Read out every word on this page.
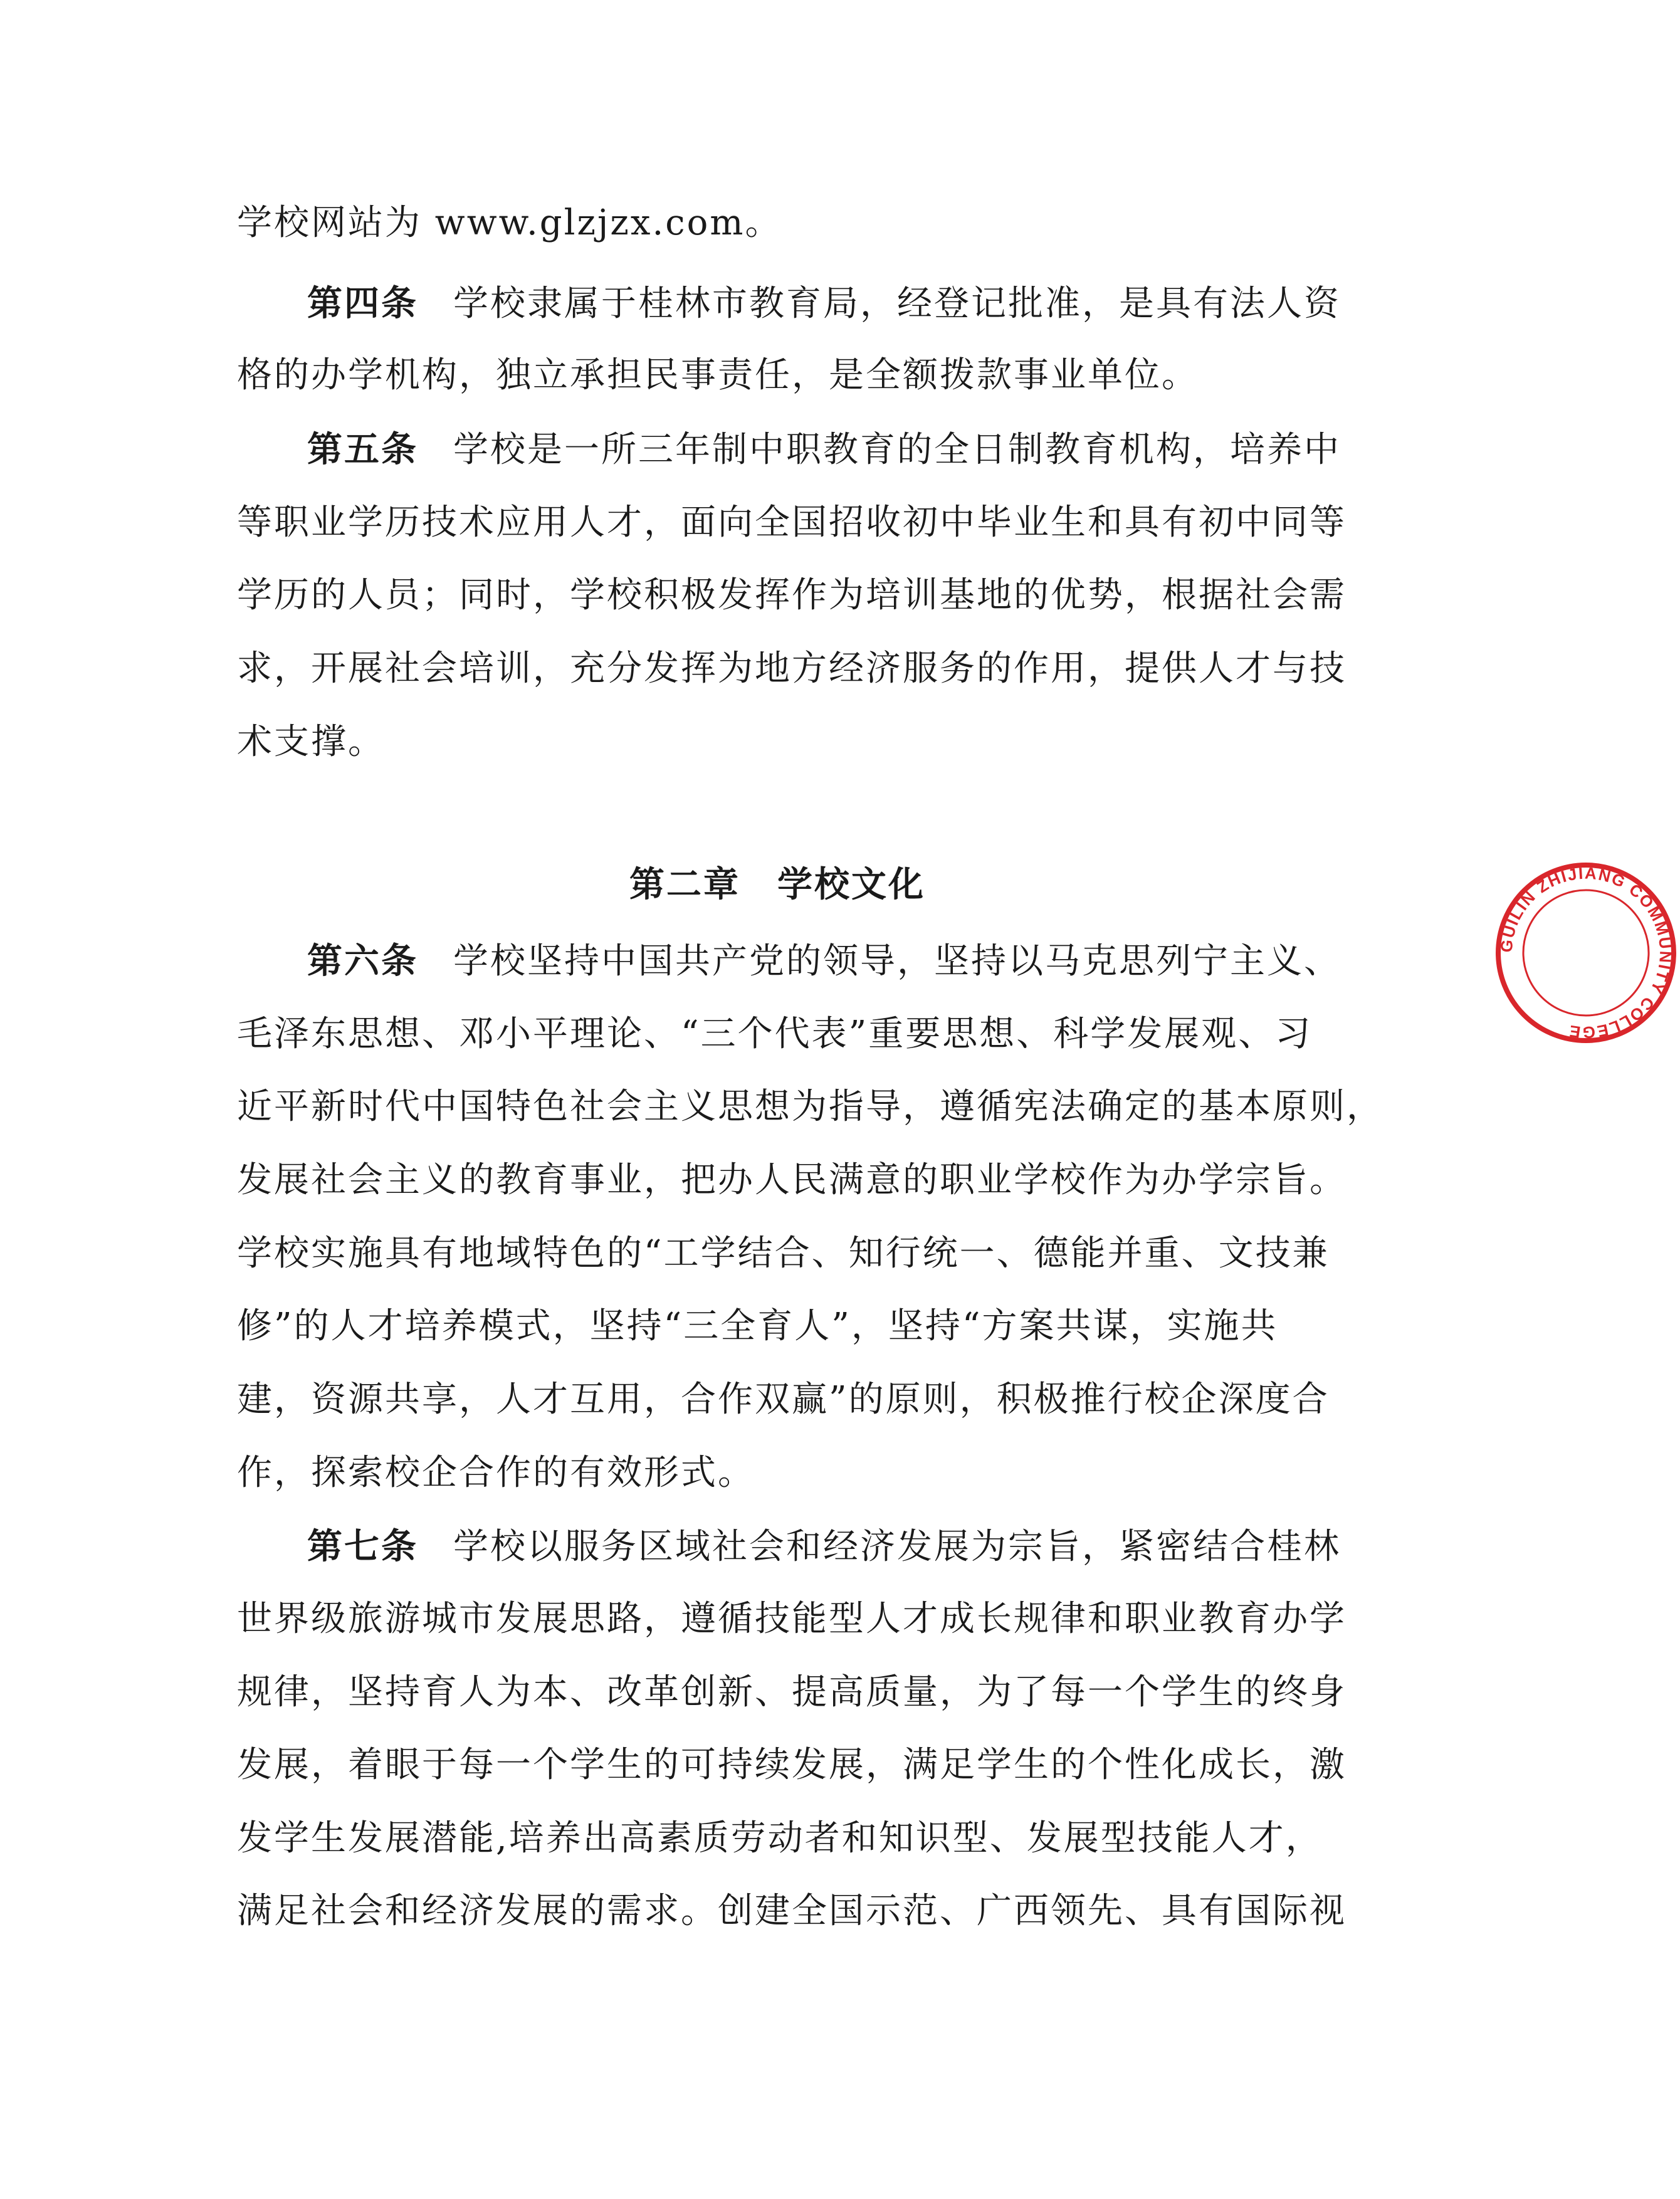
学校网站为 www.glzjzx.com。
第四条 学校隶属于桂林市教育局，经登记批准，是具有法人资
格的办学机构，独立承担民事责任，是全额拨款事业单位。
第五条 学校是一所三年制中职教育的全日制教育机构，培养中
等职业学历技术应用人才，面向全国招收初中毕业生和具有初中同等
学历的人员；同时，学校积极发挥作为培训基地的优势，根据社会需
求，开展社会培训，充分发挥为地方经济服务的作用，提供人才与技
术支撑。
第二章　学校文化
第六条 学校坚持中国共产党的领导，坚持以马克思列宁主义、
毛泽东思想、邓小平理论、“三个代表”重要思想、科学发展观、习
近平新时代中国特色社会主义思想为指导，遵循宪法确定的基本原则，
发展社会主义的教育事业，把办人民满意的职业学校作为办学宗旨。
学校实施具有地域特色的“工学结合、知行统一、德能并重、文技兼
修”的人才培养模式，坚持“三全育人”，坚持“方案共谋，实施共
建，资源共享，人才互用，合作双赢”的原则，积极推行校企深度合
作，探索校企合作的有效形式。
第七条 学校以服务区域社会和经济发展为宗旨，紧密结合桂林
世界级旅游城市发展思路，遵循技能型人才成长规律和职业教育办学
规律，坚持育人为本、改革创新、提高质量，为了每一个学生的终身
发展，着眼于每一个学生的可持续发展，满足学生的个性化成长，激
发学生发展潜能,培养出高素质劳动者和知识型、发展型技能人才，
满足社会和经济发展的需求。创建全国示范、广西领先、具有国际视
GUILIN ZHIJIANG COMMUNITY COLLEGE
